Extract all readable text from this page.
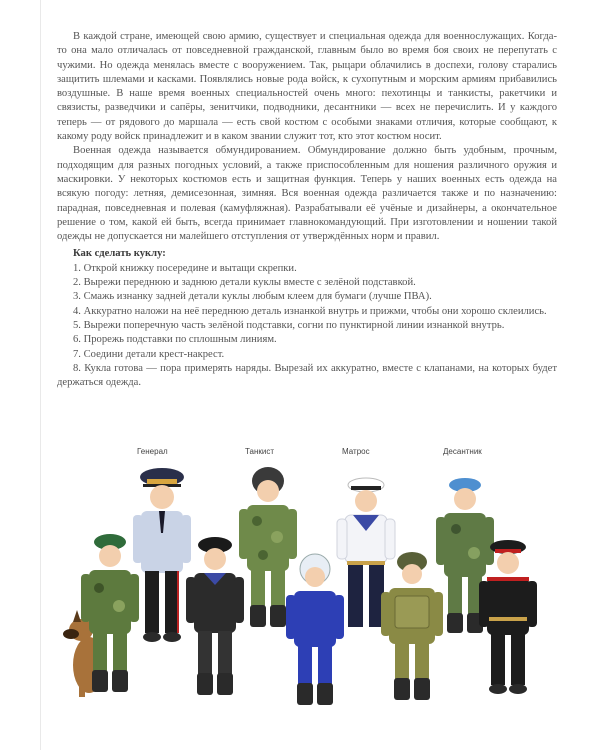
В каждой стране, имеющей свою армию, существует и специальная одежда для военнослужащих. Когда-то она мало отличалась от повседневной гражданской, главным было во время боя своих не перепутать с чужими. Но одежда менялась вместе с вооружением. Так, рыцари облачились в доспехи, голову старались защитить шлемами и касками. Появлялись новые рода войск, к сухопутным и морским армиям прибавились воздушные. В наше время военных специальностей очень много: пехотинцы и танкисты, ракетчики и связисты, разведчики и сапёры, зенитчики, подводники, десантники — всех не перечислить. И у каждого теперь — от рядового до маршала — есть свой костюм с особыми знаками отличия, которые сообщают, к какому роду войск принадлежит и в каком звании служит тот, кто этот костюм носит.

Военная одежда называется обмундированием. Обмундирование должно быть удобным, прочным, подходящим для разных погодных условий, а также приспособленным для ношения различного оружия и маскировки. У некоторых костюмов есть и защитная функция. Теперь у наших военных есть одежда на всякую погоду: летняя, демисезонная, зимняя. Вся военная одежда различается также и по назначению: парадная, повседневная и полевая (камуфляжная). Разрабатывали её учёные и дизайнеры, а окончательное решение о том, какой ей быть, всегда принимает главнокомандующий. При изготовлении и ношении такой одежды не допускается ни малейшего отступления от утверждённых норм и правил.

Как сделать куклу:

1. Открой книжку посередине и вытащи скрепки.

2. Вырежи переднюю и заднюю детали куклы вместе с зелёной подставкой.

3. Смажь изнанку задней детали куклы любым клеем для бумаги (лучше ПВА).

4. Аккуратно наложи на неё переднюю деталь изнанкой внутрь и прижми, чтобы они хорошо склеились.

5. Вырежи поперечную часть зелёной подставки, согни по пунктирной линии изнанкой внутрь.

6. Прорежь подставки по сплошным линиям.

7. Соедини детали крест-накрест.

8. Кукла готова — пора примерять наряды. Вырезай их аккуратно, вместе с клапанами, на которых будет держаться одежда.

Генерал	Танкист	Матрос	Десантник
